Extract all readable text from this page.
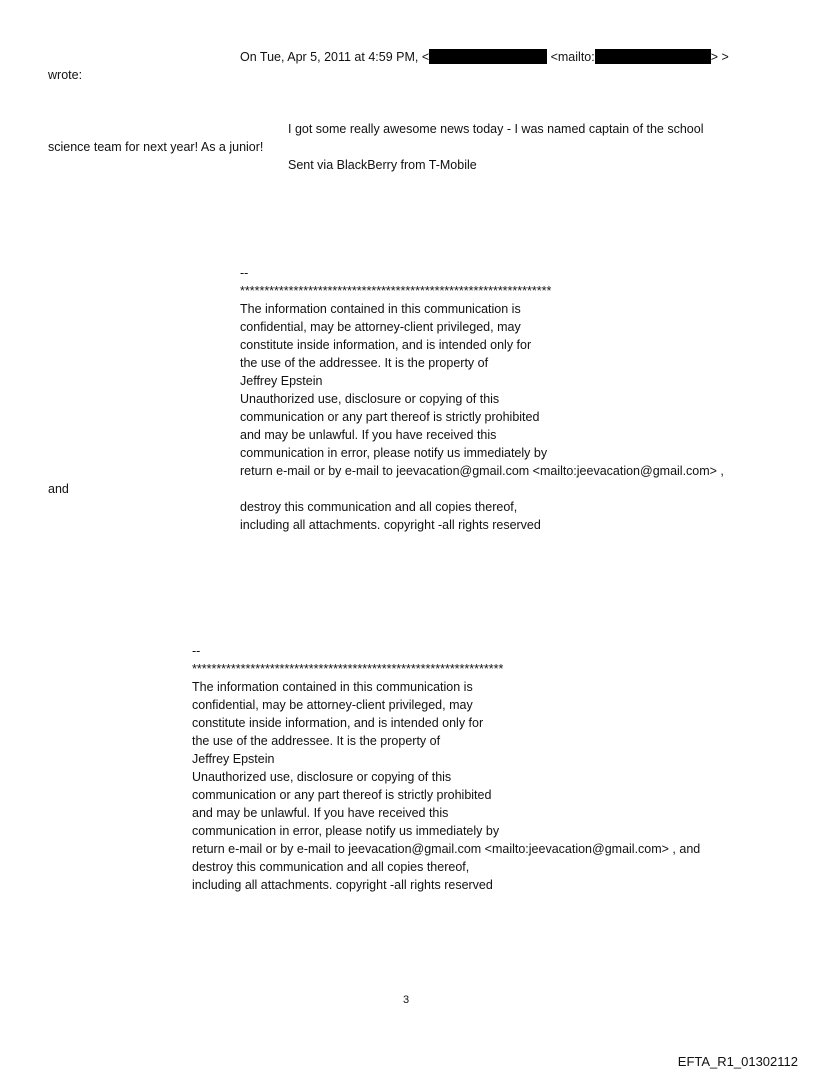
On Tue, Apr 5, 2011 at 4:59 PM, <	<mailto:	> >
wrote:
I got some really awesome news today - I was named captain of the school
science team for next year! As a junior!
Sent via BlackBerry from T-Mobile
--
****************************************************************
The information contained in this communication is
confidential, may be attorney-client privileged, may
constitute inside information, and is intended only for
the use of the addressee. It is the property of
Jeffrey Epstein
Unauthorized use, disclosure or copying of this
communication or any part thereof is strictly prohibited
and may be unlawful. If you have received this
communication in error, please notify us immediately by
return e-mail or by e-mail to jeevacation@gmail.com <mailto:jeevacation@gmail.com> ,
and
destroy this communication and all copies thereof,
including all attachments. copyright -all rights reserved
--
****************************************************************
The information contained in this communication is
confidential, may be attorney-client privileged, may
constitute inside information, and is intended only for
the use of the addressee. It is the property of
Jeffrey Epstein
Unauthorized use, disclosure or copying of this
communication or any part thereof is strictly prohibited
and may be unlawful. If you have received this
communication in error, please notify us immediately by
return e-mail or by e-mail to jeevacation@gmail.com <mailto:jeevacation@gmail.com> , and
destroy this communication and all copies thereof,
including all attachments. copyright -all rights reserved
3
EFTA_R1_01302112
